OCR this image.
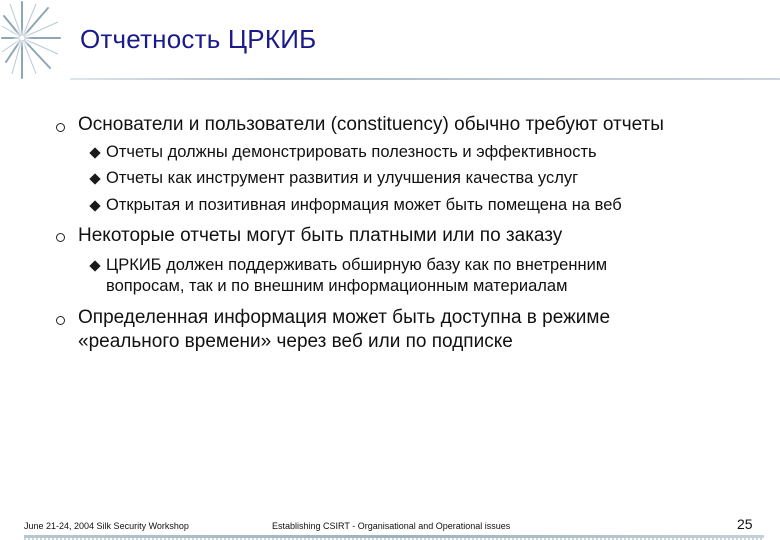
Отчетность ЦРКИБ
Основатели и пользователи (constituency) обычно требуют отчеты
Отчеты должны демонстрировать полезность и эффективность
Отчеты как инструмент развития и улучшения качества услуг
Открытая и позитивная информация может быть помещена на веб
Некоторые отчеты могут быть платными или по заказу
ЦРКИБ должен поддерживать обширную базу как по внетренним
вопросам, так и по внешним информационным материалам
Определенная информация может быть доступна в режиме
«реального времени» через веб или по подписке
June 21-24, 2004 Silk Security Workshop	Establishing CSIRT - Organisational and Operational issues	25
